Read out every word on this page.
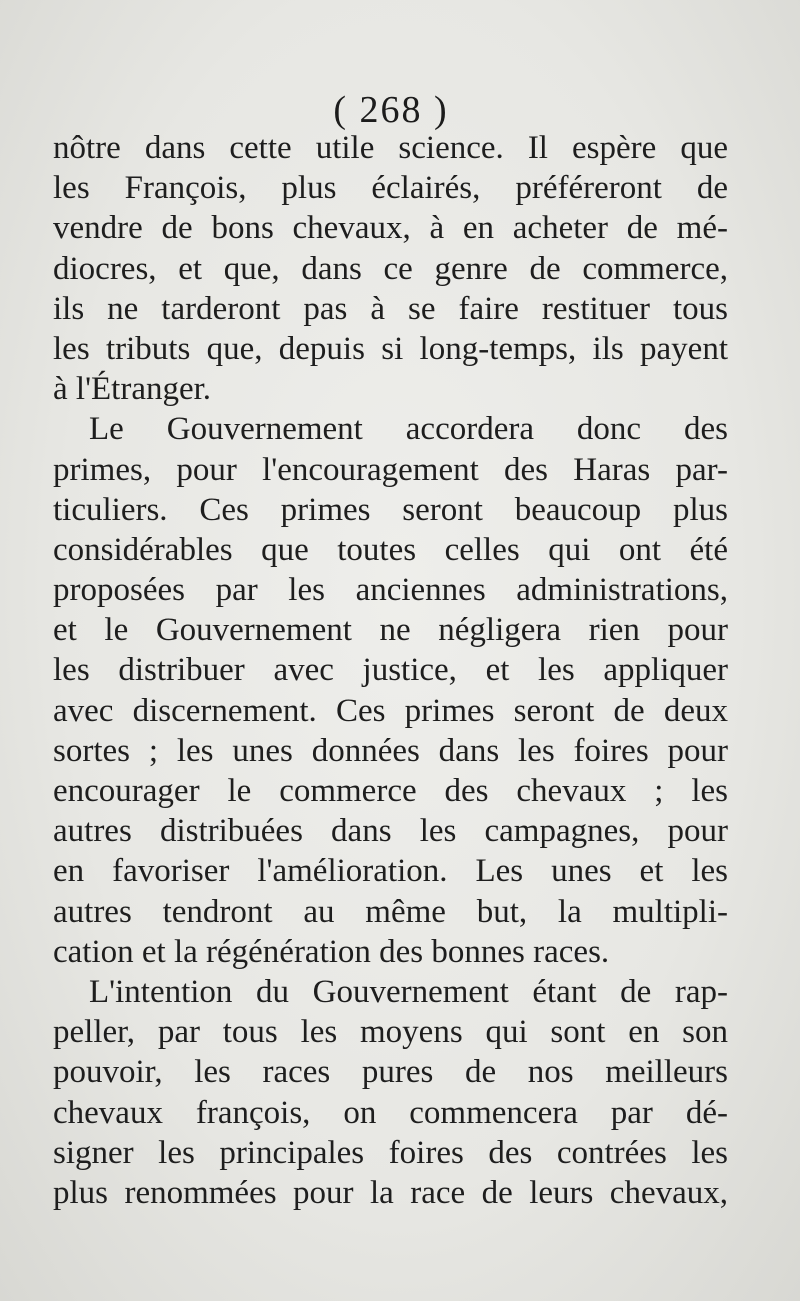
( 268 )
nôtre dans cette utile science. Il espère que
les François, plus éclairés, préféreront de
vendre de bons chevaux, à en acheter de mé-
diocres, et que, dans ce genre de commerce,
ils ne tarderont pas à se faire restituer tous
les tributs que, depuis si long-temps, ils payent
à l'Étranger.
Le Gouvernement accordera donc des
primes, pour l'encouragement des Haras par-
ticuliers. Ces primes seront beaucoup plus
considérables que toutes celles qui ont été
proposées par les anciennes administrations,
et le Gouvernement ne négligera rien pour
les distribuer avec justice, et les appliquer
avec discernement. Ces primes seront de deux
sortes ; les unes données dans les foires pour
encourager le commerce des chevaux ; les
autres distribuées dans les campagnes, pour
en favoriser l'amélioration. Les unes et les
autres tendront au même but, la multipli-
cation et la régénération des bonnes races.
L'intention du Gouvernement étant de rap-
peller, par tous les moyens qui sont en son
pouvoir, les races pures de nos meilleurs
chevaux françois, on commencera par dé-
signer les principales foires des contrées les
plus renommées pour la race de leurs chevaux,
